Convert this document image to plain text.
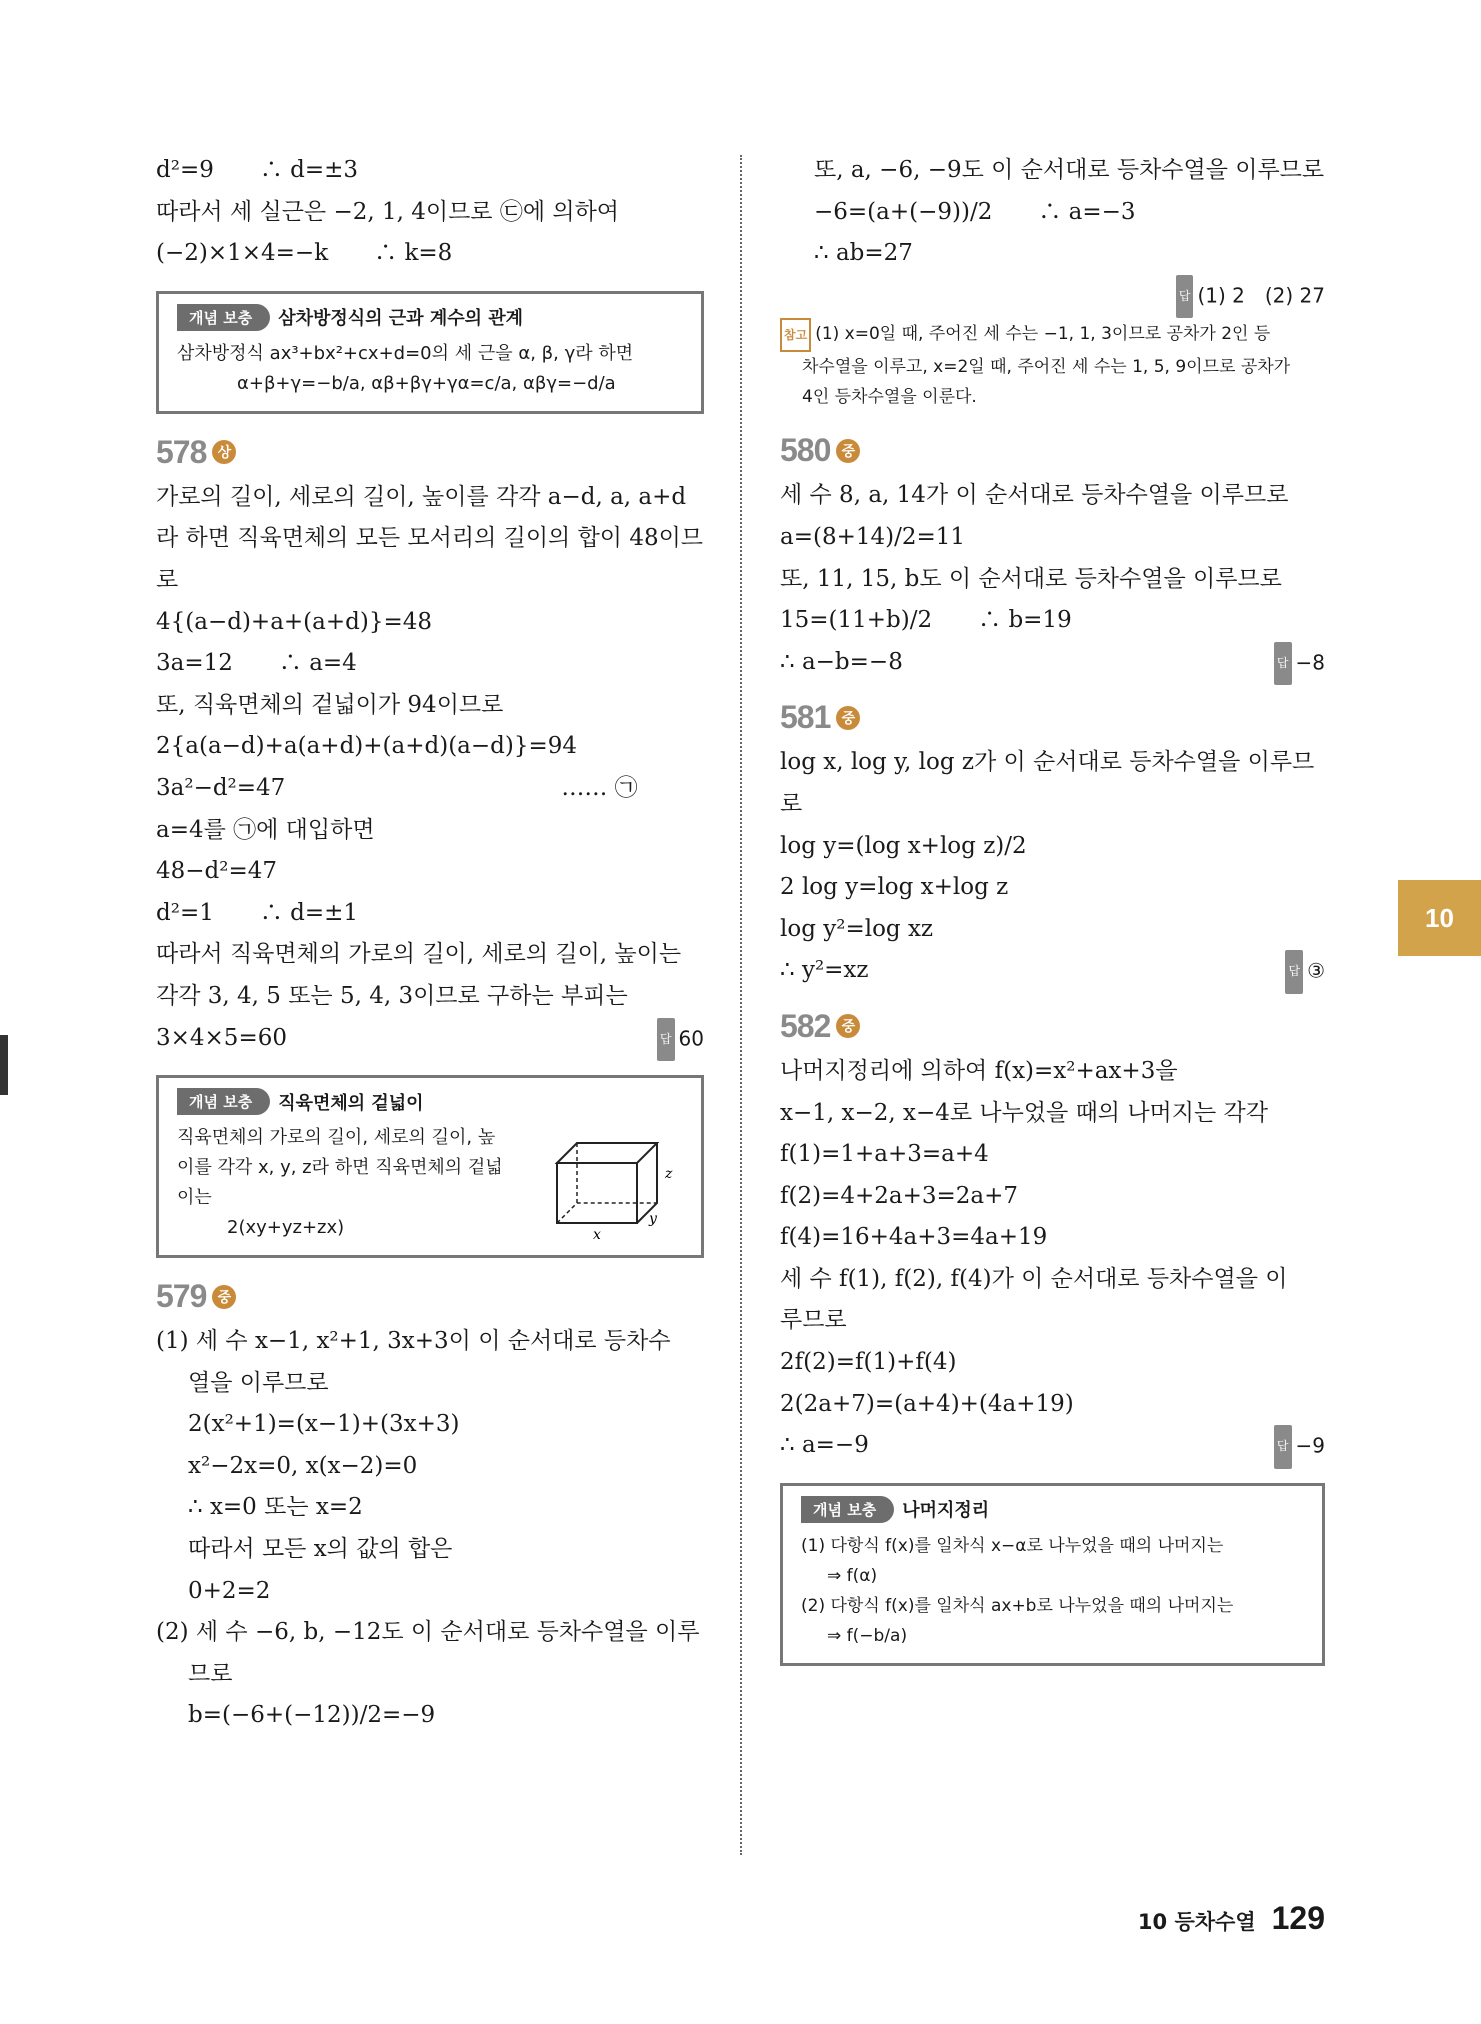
d²=9　　∴ d=±3
따라서 세 실근은 −2, 1, 4이므로 ㉢에 의하여
(−2)×1×4=−k　　∴ k=8
개념 보충	삼차방정식의 근과 계수의 관계
삼차방정식 ax³+bx²+cx+d=0의 세 근을 α, β, γ라 하면
α+β+γ=−b/a, αβ+βγ+γα=c/a, αβγ=−d/a
578 상
가로의 길이, 세로의 길이, 높이를 각각 a−d, a, a+d
라 하면 직육면체의 모든 모서리의 길이의 합이 48이므
로
4{(a−d)+a+(a+d)}=48
3a=12　　∴ a=4
또, 직육면체의 겉넓이가 94이므로
2{a(a−d)+a(a+d)+(a+d)(a−d)}=94
3a²−d²=47　　　　　　　　　　　　…… ㉠
a=4를 ㉠에 대입하면
48−d²=47
d²=1　　∴ d=±1
따라서 직육면체의 가로의 길이, 세로의 길이, 높이는
각각 3, 4, 5 또는 5, 4, 3이므로 구하는 부피는
3×4×5=60	답 60
개념 보충	직육면체의 겉넓이
직육면체의 가로의 길이, 세로의 길이, 높
이를 각각 x, y, z라 하면 직육면체의 겉넓
이는
2(xy+yz+zx)	x
y
z
579 중
(1) 세 수 x−1, x²+1, 3x+3이 이 순서대로 등차수
열을 이루므로
2(x²+1)=(x−1)+(3x+3)
x²−2x=0, x(x−2)=0
∴ x=0 또는 x=2
따라서 모든 x의 값의 합은
0+2=2
(2) 세 수 −6, b, −12도 이 순서대로 등차수열을 이루
므로
b=(−6+(−12))/2=−9
또, a, −6, −9도 이 순서대로 등차수열을 이루므로
−6=(a+(−9))/2　　∴ a=−3
∴ ab=27
답 (1) 2　(2) 27
참고 (1) x=0일 때, 주어진 세 수는 −1, 1, 3이므로 공차가 2인 등
차수열을 이루고, x=2일 때, 주어진 세 수는 1, 5, 9이므로 공차가
4인 등차수열을 이룬다.
580 중
세 수 8, a, 14가 이 순서대로 등차수열을 이루므로
a=(8+14)/2=11
또, 11, 15, b도 이 순서대로 등차수열을 이루므로
15=(11+b)/2　　∴ b=19
∴ a−b=−8	답 −8
581 중
log x, log y, log z가 이 순서대로 등차수열을 이루므
로
log y=(log x+log z)/2
2 log y=log x+log z
log y²=log xz
∴ y²=xz	답 ③
582 중
나머지정리에 의하여 f(x)=x²+ax+3을
x−1, x−2, x−4로 나누었을 때의 나머지는 각각
f(1)=1+a+3=a+4
f(2)=4+2a+3=2a+7
f(4)=16+4a+3=4a+19
세 수 f(1), f(2), f(4)가 이 순서대로 등차수열을 이
루므로
2f(2)=f(1)+f(4)
2(2a+7)=(a+4)+(4a+19)
∴ a=−9	답 −9
개념 보충	나머지정리
(1) 다항식 f(x)를 일차식 x−α로 나누었을 때의 나머지는
⇒ f(α)
(2) 다항식 f(x)를 일차식 ax+b로 나누었을 때의 나머지는
⇒ f(−b/a)
10
10 등차수열 129
